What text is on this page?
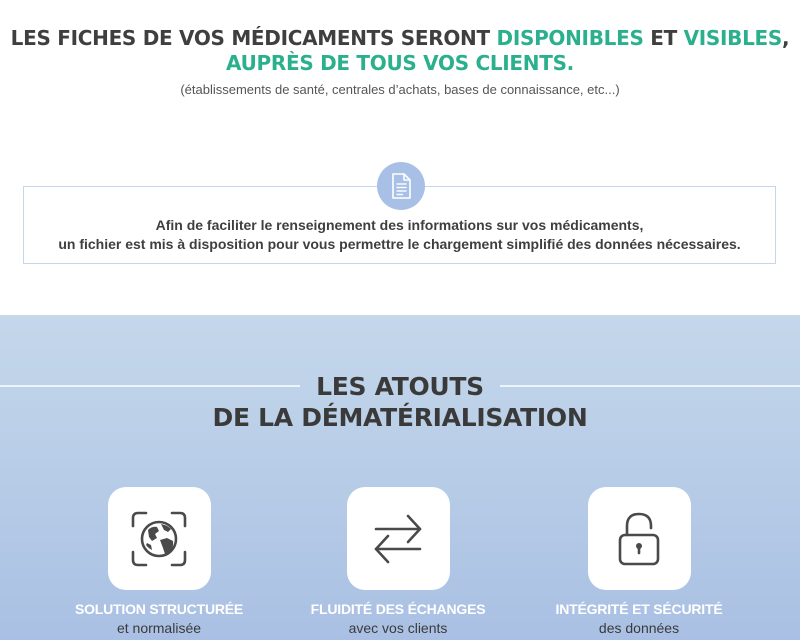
LES FICHES DE VOS MÉDICAMENTS SERONT DISPONIBLES ET VISIBLES,
AUPRÈS DE TOUS VOS CLIENTS.
(établissements de santé, centrales d’achats, bases de connaissance, etc...)
Afin de faciliter le renseignement des informations sur vos médicaments,
un fichier est mis à disposition pour vous permettre le chargement simplifié des données nécessaires.
LES ATOUTS
DE LA DÉMATÉRIALISATION
SOLUTION STRUCTURÉE
et normalisée
FLUIDITÉ DES ÉCHANGES
avec vos clients
INTÉGRITÉ ET SÉCURITÉ
des données
